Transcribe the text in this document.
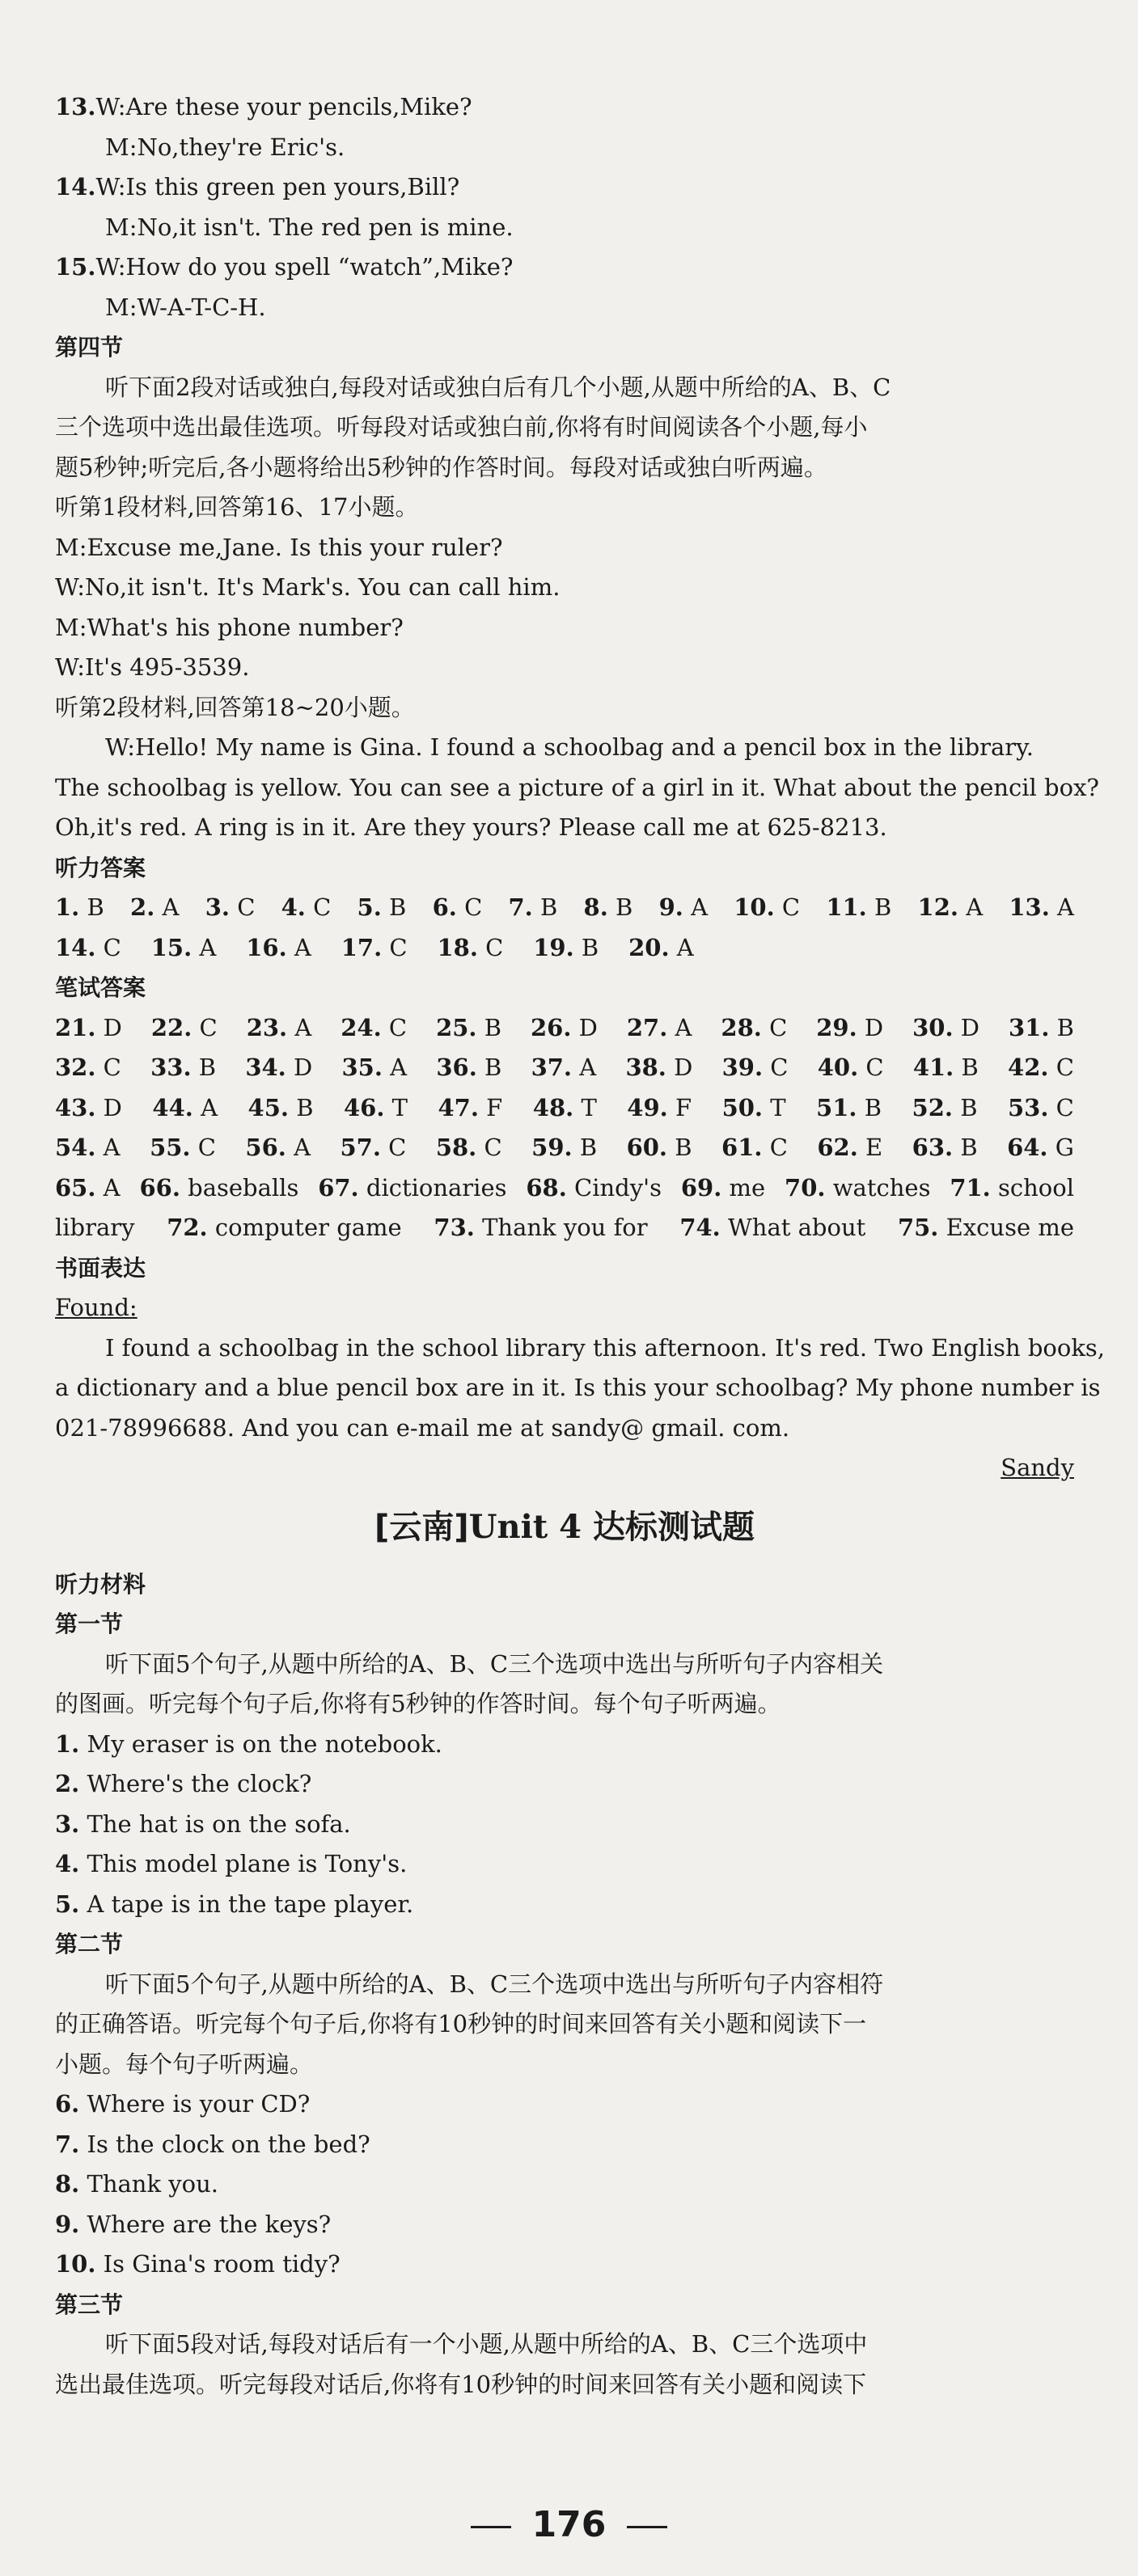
13.W:Are these your pencils,Mike?
M:No,they're Eric's.
14.W:Is this green pen yours,Bill?
M:No,it isn't. The red pen is mine.
15.W:How do you spell “watch”,Mike?
M:W-A-T-C-H.
第四节
听下面2段对话或独白,每段对话或独白后有几个小题,从题中所给的A、B、C
三个选项中选出最佳选项。听每段对话或独白前,你将有时间阅读各个小题,每小
题5秒钟;听完后,各小题将给出5秒钟的作答时间。每段对话或独白听两遍。
听第1段材料,回答第16、17小题。
M:Excuse me,Jane. Is this your ruler?
W:No,it isn't. It's Mark's. You can call him.
M:What's his phone number?
W:It's 495-3539.
听第2段材料,回答第18~20小题。
W:Hello! My name is Gina. I found a schoolbag and a pencil box in the library.
The schoolbag is yellow. You can see a picture of a girl in it. What about the pencil box?
Oh,it's red. A ring is in it. Are they yours? Please call me at 625-8213.
听力答案
1. B 2. A 3. C 4. C 5. B 6. C 7. B 8. B 9. A 10. C 11. B 12. A 13. A
14. C 15. A 16. A 17. C 18. C 19. B 20. A
笔试答案
21. D 22. C 23. A 24. C 25. B 26. D 27. A 28. C 29. D 30. D 31. B
32. C 33. B 34. D 35. A 36. B 37. A 38. D 39. C 40. C 41. B 42. C
43. D 44. A 45. B 46. T 47. F 48. T 49. F 50. T 51. B 52. B 53. C
54. A 55. C 56. A 57. C 58. C 59. B 60. B 61. C 62. E 63. B 64. G
65. A 66. baseballs 67. dictionaries 68. Cindy's 69. me 70. watches 71. school
library 72. computer game 73. Thank you for 74. What about 75. Excuse me
书面表达
Found:
I found a schoolbag in the school library this afternoon. It's red. Two English books,
a dictionary and a blue pencil box are in it. Is this your schoolbag? My phone number is
021-78996688. And you can e-mail me at sandy@ gmail. com.
Sandy
[云南]Unit 4 达标测试题
听力材料
第一节
听下面5个句子,从题中所给的A、B、C三个选项中选出与所听句子内容相关
的图画。听完每个句子后,你将有5秒钟的作答时间。每个句子听两遍。
1. My eraser is on the notebook.
2. Where's the clock?
3. The hat is on the sofa.
4. This model plane is Tony's.
5. A tape is in the tape player.
第二节
听下面5个句子,从题中所给的A、B、C三个选项中选出与所听句子内容相符
的正确答语。听完每个句子后,你将有10秒钟的时间来回答有关小题和阅读下一
小题。每个句子听两遍。
6. Where is your CD?
7. Is the clock on the bed?
8. Thank you.
9. Where are the keys?
10. Is Gina's room tidy?
第三节
听下面5段对话,每段对话后有一个小题,从题中所给的A、B、C三个选项中
选出最佳选项。听完每段对话后,你将有10秒钟的时间来回答有关小题和阅读下
176
